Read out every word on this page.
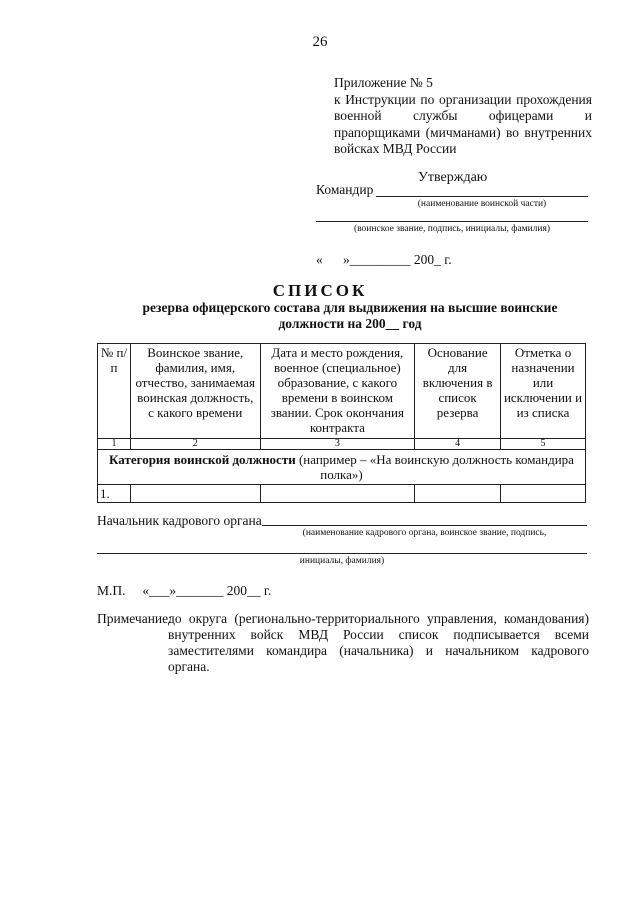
26
Приложение № 5
к Инструкции по организации прохождения военной службы офицерами и прапорщиками (мичманами) во внутренних войсках МВД России
Утверждаю
Командир
(наименование воинской части)
(воинское звание, подпись, инициалы, фамилия)
«      »_________ 200_ г.
СПИСОК
резерва офицерского состава для выдвижения на высшие воинские должности на 200__ год
№ п/п	Воинское звание, фамилия, имя, отчество, занимаемая воинская должность, с какого времени	Дата и место рождения, военное (специальное) образование, с какого времени в воинском звании. Срок окончания контракта	Основание для включения в список резерва	Отметка о назначении или исключении и из списка
1	2	3	4	5
Категория воинской должности (например – «На воинскую должность командира полка»)				
1.				
Начальник кадрового органа
(наименование кадрового органа, воинское звание, подпись,
инициалы, фамилия)
М.П.     «___»_______ 200__ г.
Примечание:
до округа (регионально-территориального управления, командования) внутренних войск МВД России список подписывается всеми заместителями командира (начальника) и начальником кадрового органа.
